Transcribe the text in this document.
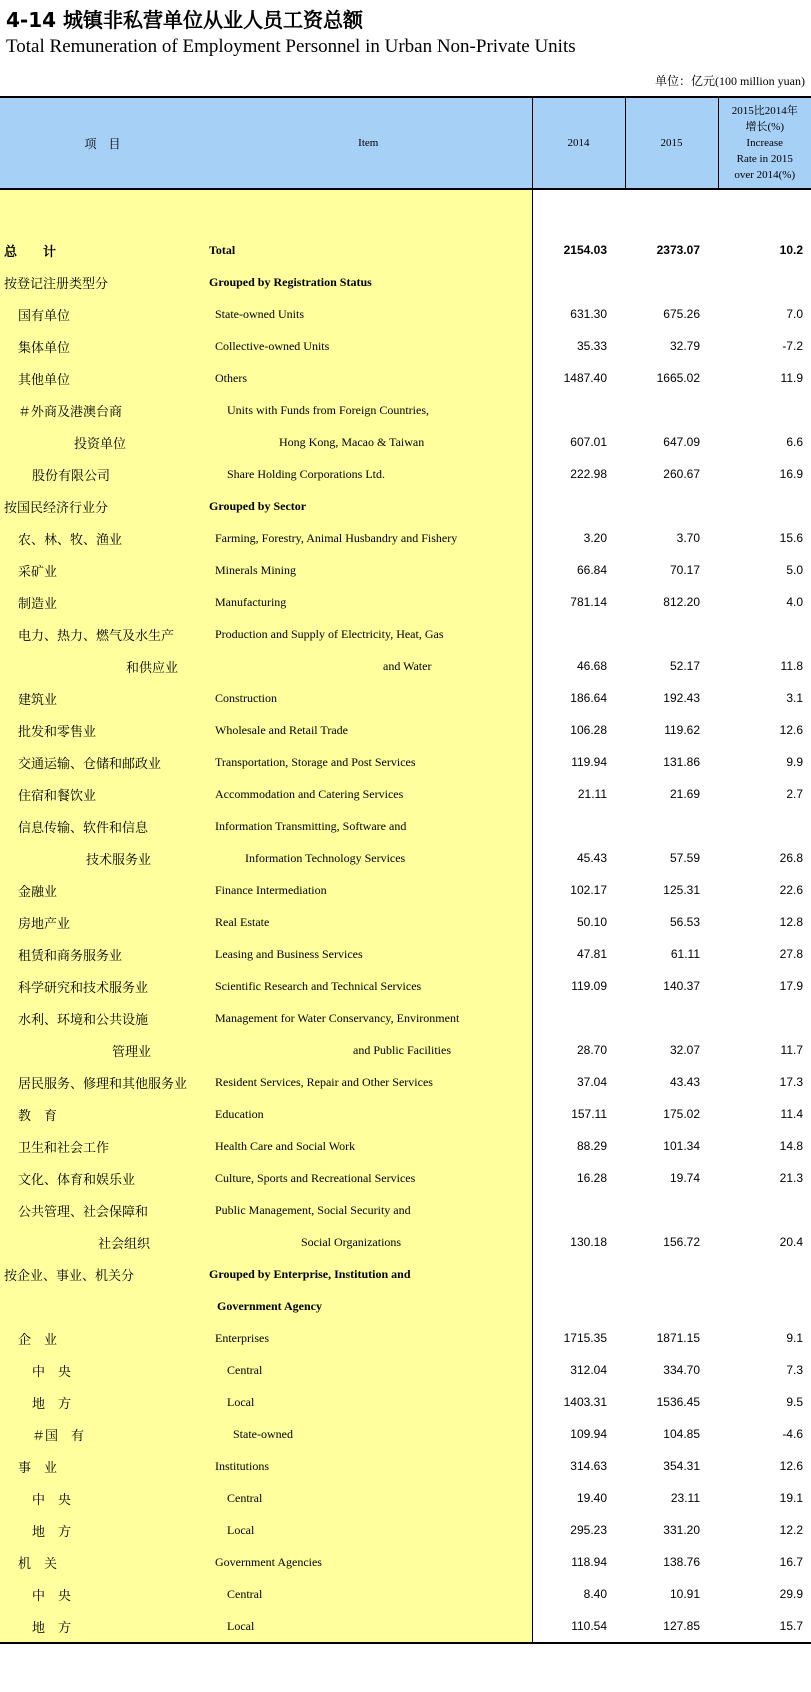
4-14 城镇非私营单位从业人员工资总额
Total Remuneration of Employment Personnel in Urban Non-Private Units
单位：亿元(100 million yuan)
项　目	Item	2014	2015	2015比2014年
增长(%)
Increase
Rate in 2015
over 2014(%)

总　　计	Total	2154.03	2373.07	10.2
按登记注册类型分	Grouped by Registration Status			
国有单位	State-owned Units	631.30	675.26	7.0
集体单位	Collective-owned Units	35.33	32.79	-7.2
其他单位	Others	1487.40	1665.02	11.9
＃外商及港澳台商	Units with Funds from Foreign Countries,			
投资单位	Hong Kong, Macao & Taiwan	607.01	647.09	6.6
股份有限公司	Share Holding Corporations Ltd.	222.98	260.67	16.9
按国民经济行业分	Grouped by Sector			
农、林、牧、渔业	Farming, Forestry, Animal Husbandry and Fishery	3.20	3.70	15.6
采矿业	Minerals Mining	66.84	70.17	5.0
制造业	Manufacturing	781.14	812.20	4.0
电力、热力、燃气及水生产	Production and Supply of Electricity, Heat, Gas			
和供应业	and Water	46.68	52.17	11.8
建筑业	Construction	186.64	192.43	3.1
批发和零售业	Wholesale and Retail Trade	106.28	119.62	12.6
交通运输、仓储和邮政业	Transportation, Storage and Post Services	119.94	131.86	9.9
住宿和餐饮业	Accommodation and Catering Services	21.11	21.69	2.7
信息传输、软件和信息	Information Transmitting, Software and			
技术服务业	Information Technology Services	45.43	57.59	26.8
金融业	Finance Intermediation	102.17	125.31	22.6
房地产业	Real Estate	50.10	56.53	12.8
租赁和商务服务业	Leasing and Business Services	47.81	61.11	27.8
科学研究和技术服务业	Scientific Research and Technical Services	119.09	140.37	17.9
水利、环境和公共设施	Management for Water Conservancy, Environment			
管理业	and Public Facilities	28.70	32.07	11.7
居民服务、修理和其他服务业	Resident Services, Repair and Other Services	37.04	43.43	17.3
教　育	Education	157.11	175.02	11.4
卫生和社会工作	Health Care and Social Work	88.29	101.34	14.8
文化、体育和娱乐业	Culture, Sports and Recreational Services	16.28	19.74	21.3
公共管理、社会保障和	Public Management, Social Security and			
社会组织	Social Organizations	130.18	156.72	20.4
按企业、事业、机关分	Grouped by Enterprise, Institution and			
	Government Agency			
企　业	Enterprises	1715.35	1871.15	9.1
中　央	Central	312.04	334.70	7.3
地　方	Local	1403.31	1536.45	9.5
＃国　有	State-owned	109.94	104.85	-4.6
事　业	Institutions	314.63	354.31	12.6
中　央	Central	19.40	23.11	19.1
地　方	Local	295.23	331.20	12.2
机　关	Government Agencies	118.94	138.76	16.7
中　央	Central	8.40	10.91	29.9
地　方	Local	110.54	127.85	15.7
